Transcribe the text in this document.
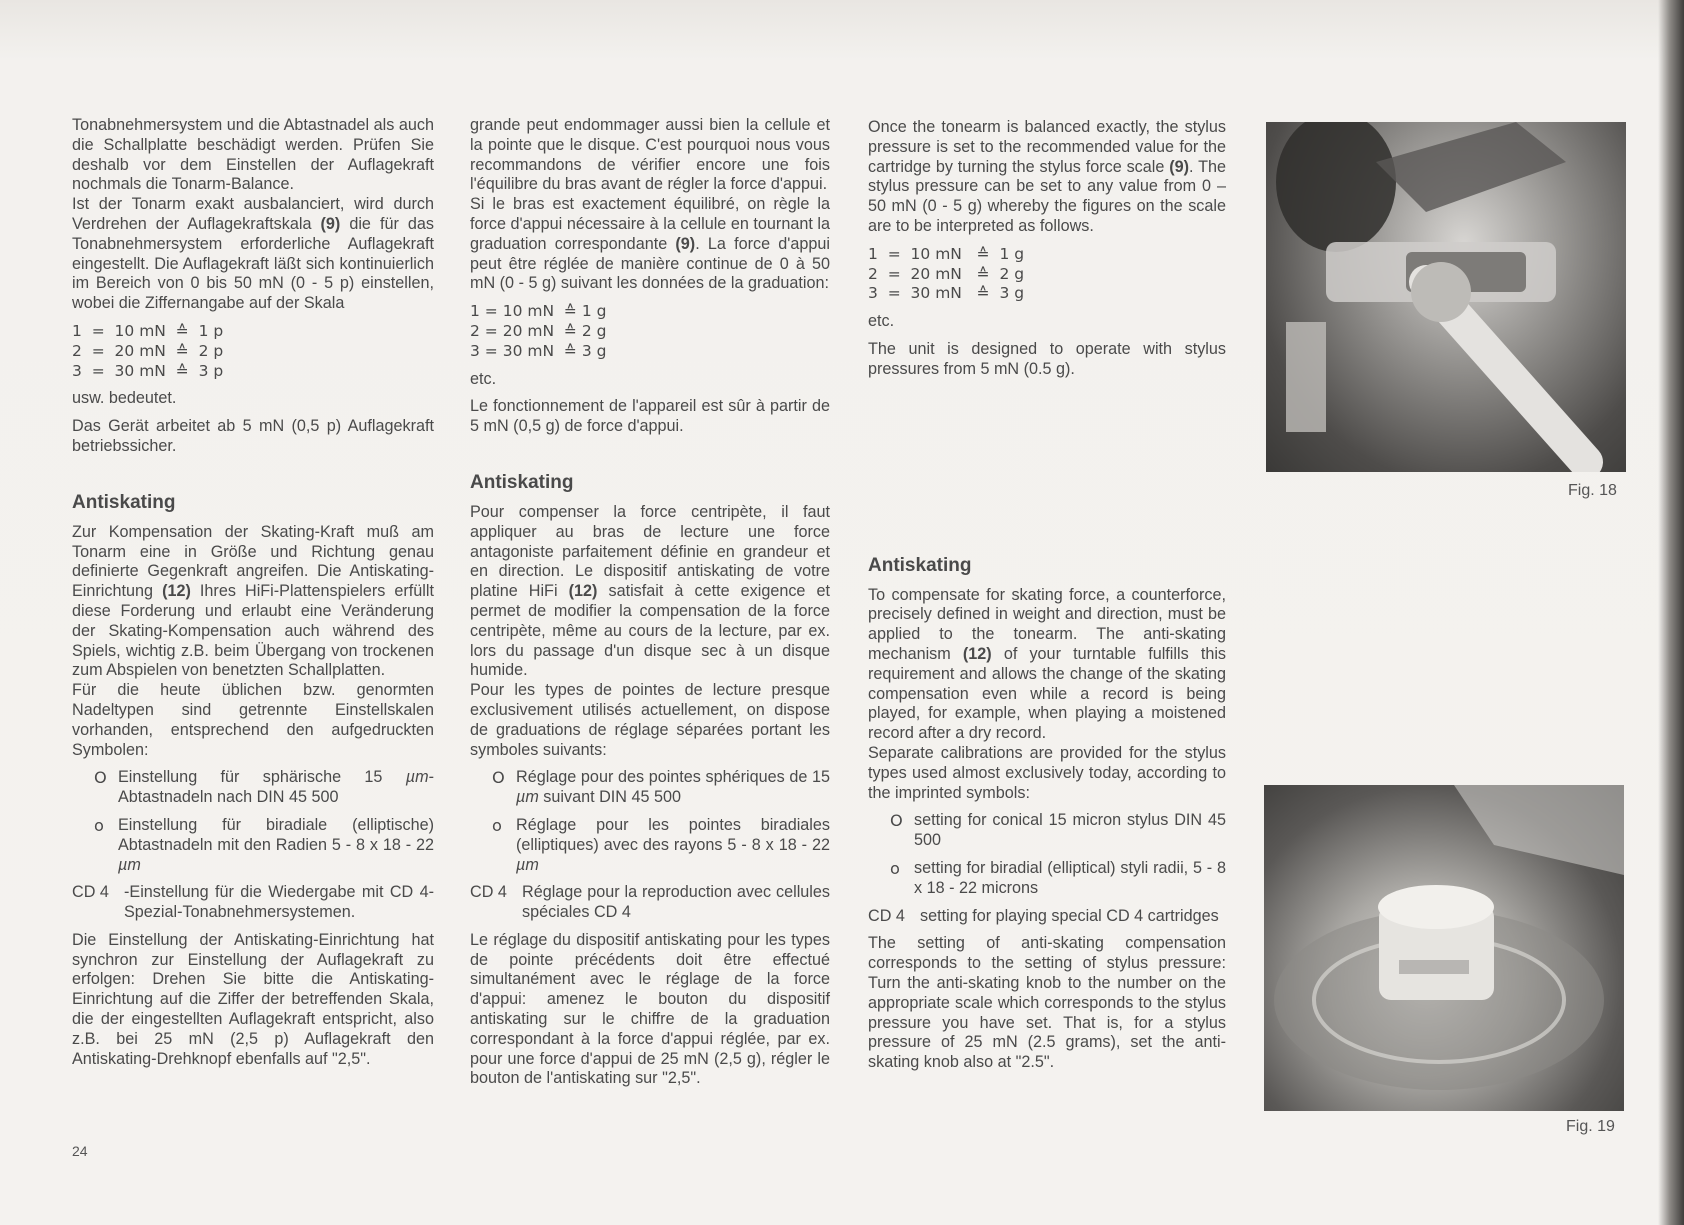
Tonabnehmersystem und die Abtastnadel als auch die Schallplatte beschädigt werden. Prüfen Sie deshalb vor dem Einstellen der Auflagekraft nochmals die Tonarm-Balance.

Ist der Tonarm exakt ausbalanciert, wird durch Verdrehen der Auflagekraftskala (9) die für das Tonabnehmersystem erforderliche Auflagekraft eingestellt. Die Auflagekraft läßt sich kontinuierlich im Bereich von 0 bis 50 mN (0 - 5 p) einstellen, wobei die Ziffernangabe auf der Skala

1  =  10 mN  ≙  1 p

2  =  20 mN  ≙  2 p

3  =  30 mN  ≙  3 p

usw. bedeutet.

Das Gerät arbeitet ab 5 mN (0,5 p) Auflagekraft betriebssicher.

Antiskating

Zur Kompensation der Skating-Kraft muß am Tonarm eine in Größe und Richtung genau definierte Gegenkraft angreifen. Die Antiskating-Einrichtung (12) Ihres HiFi-Plattenspielers erfüllt diese Forderung und erlaubt eine Veränderung der Skating-Kompensation auch während des Spiels, wichtig z.B. beim Übergang von trockenen zum Abspielen von benetzten Schallplatten.

Für die heute üblichen bzw. genormten Nadeltypen sind getrennte Einstellskalen vorhanden, entsprechend den aufgedruckten Symbolen:

O Einstellung für sphärische 15 µm-Abtastnadeln nach DIN 45 500

o Einstellung für biradiale (elliptische) Abtastnadeln mit den Radien 5 - 8 x 18 - 22 µm

CD 4 -Einstellung für die Wiedergabe mit CD 4-Spezial-Tonabnehmersystemen.

Die Einstellung der Antiskating-Einrichtung hat synchron zur Einstellung der Auflagekraft zu erfolgen: Drehen Sie bitte die Antiskating-Einrichtung auf die Ziffer der betreffenden Skala, die der eingestellten Auflagekraft entspricht, also z.B. bei 25 mN (2,5 p) Auflagekraft den Antiskating-Drehknopf ebenfalls auf "2,5".

grande peut endommager aussi bien la cellule et la pointe que le disque. C'est pourquoi nous vous recommandons de vérifier encore une fois l'équilibre du bras avant de régler la force d'appui.

Si le bras est exactement équilibré, on règle la force d'appui nécessaire à la cellule en tournant la graduation correspondante (9). La force d'appui peut être réglée de manière continue de 0 à 50 mN (0 - 5 g) suivant les données de la graduation:

1 = 10 mN  ≙ 1 g

2 = 20 mN  ≙ 2 g

3 = 30 mN  ≙ 3 g

etc.

Le fonctionnement de l'appareil est sûr à partir de 5 mN (0,5 g) de force d'appui.

Antiskating

Pour compenser la force centripète, il faut appliquer au bras de lecture une force antagoniste parfaitement définie en grandeur et en direction. Le dispositif antiskating de votre platine HiFi (12) satisfait à cette exigence et permet de modifier la compensation de la force centripète, même au cours de la lecture, par ex. lors du passage d'un disque sec à un disque humide.

Pour les types de pointes de lecture presque exclusivement utilisés actuellement, on dispose de graduations de réglage séparées portant les symboles suivants:

O Réglage pour des pointes sphériques de 15 µm suivant DIN 45 500

o Réglage pour les pointes biradiales (elliptiques) avec des rayons 5 - 8 x 18 - 22 µm

CD 4 Réglage pour la reproduction avec cellules spéciales CD 4

Le réglage du dispositif antiskating pour les types de pointe précédents doit être effectué simultanément avec le réglage de la force d'appui: amenez le bouton du dispositif antiskating sur le chiffre de la graduation correspondant à la force d'appui réglée, par ex. pour une force d'appui de 25 mN (2,5 g), régler le bouton de l'antiskating sur "2,5".

Once the tonearm is balanced exactly, the stylus pressure is set to the recommended value for the cartridge by turning the stylus force scale (9). The stylus pressure can be set to any value from 0 – 50 mN (0 - 5 g) whereby the figures on the scale are to be interpreted as follows.

1  =  10 mN   ≙  1 g

2  =  20 mN   ≙  2 g

3  =  30 mN   ≙  3 g

etc.

The unit is designed to operate with stylus pressures from 5 mN (0.5 g).

Antiskating

To compensate for skating force, a counterforce, precisely defined in weight and direction, must be applied to the tonearm. The anti-skating mechanism (12) of your turntable fulfills this requirement and allows the change of the skating compensation even while a record is being played, for example, when playing a moistened record after a dry record.

Separate calibrations are provided for the stylus types used almost exclusively today, according to the imprinted symbols:

O setting for conical 15 micron stylus DIN 45 500

o setting for biradial (elliptical) styli radii, 5 - 8 x 18 - 22 microns

CD 4 setting for playing special CD 4 cartridges

The setting of anti-skating compensation corresponds to the setting of stylus pressure: Turn the anti-skating knob to the number on the appropriate scale which corresponds to the stylus pressure you have set. That is, for a stylus pressure of 25 mN (2.5 grams), set the anti-skating knob also at "2.5".

Fig. 18
Fig. 19
24
